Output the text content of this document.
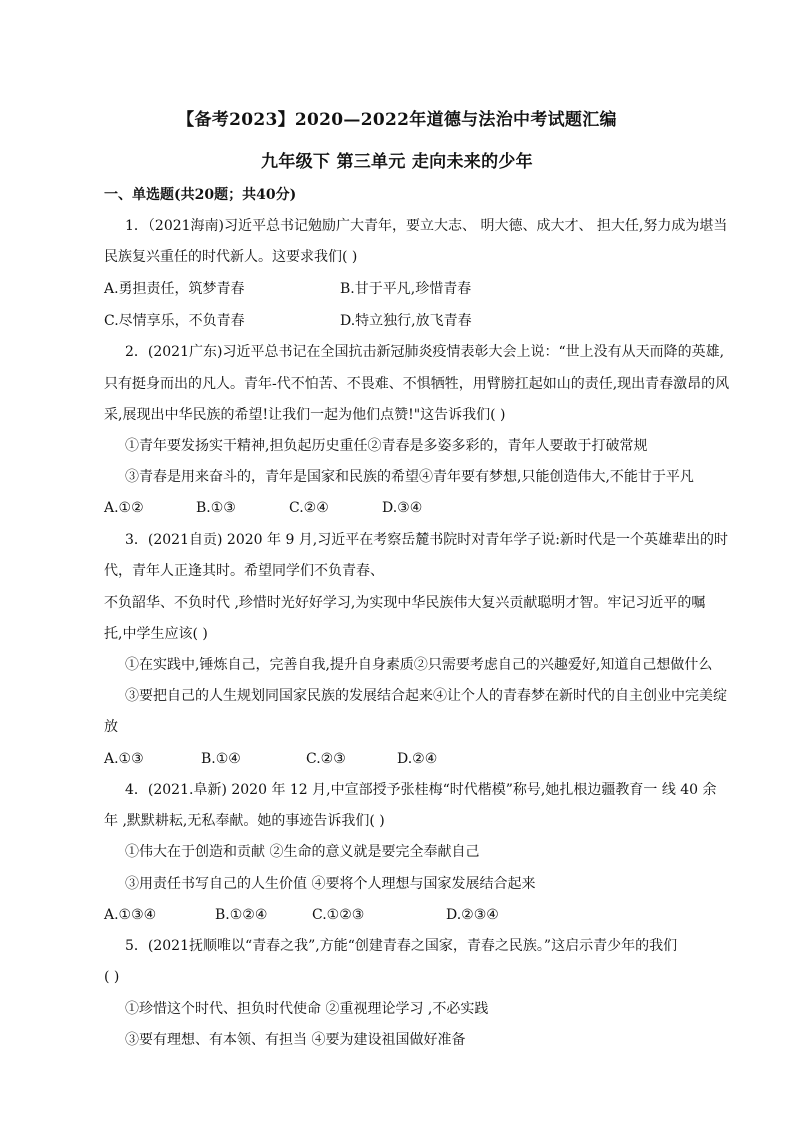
【备考2023】2020—2022年道德与法治中考试题汇编
九年级下 第三单元 走向未来的少年
一、单选题(共20题；共40分)
1．（2021海南)习近平总书记勉励广大青年，要立大志、 明大德、成大才、 担大任,努力成为堪当
民族复兴重任的时代新人。这要求我们( )
A.勇担责任，筑梦青春	B.甘于平凡,珍惜青春
C.尽情享乐，不负青春	D.特立独行,放飞青春
2．(2021广东)习近平总书记在全国抗击新冠肺炎疫情表彰大会上说：“世上没有从天而降的英雄,
只有挺身而出的凡人。青年-代不怕苦、不畏难、不惧牺牲，用臂膀扛起如山的责任,现出青春激昂的风
采,展现出中华民族的希望!让我们一起为他们点赞!"这告诉我们( )
①青年要发扬实干精神,担负起历史重任②青春是多姿多彩的，青年人要敢于打破常规
③青春是用来奋斗的，青年是国家和民族的希望④青年要有梦想,只能创造伟大,不能甘于平凡
A.①②	B.①③	C.②④	D.③④
3．(2021自贡) 2020 年 9 月,习近平在考察岳麓书院时对青年学子说:新时代是一个英雄辈出的时
代，青年人正逢其时。希望同学们不负青春、
不负韶华、不负时代 ,珍惜时光好好学习,为实现中华民族伟大复兴贡献聪明才智。牢记习近平的嘱
托,中学生应该( )
①在实践中,锤炼自己，完善自我,提升自身素质②只需要考虑自己的兴趣爱好,知道自己想做什么
③要把自己的人生规划同国家民族的发展结合起来④让个人的青春梦在新时代的自主创业中完美绽
放
A.①③	B.①④	C.②③	D.②④
4．(2021.阜新) 2020 年 12 月,中宣部授予张桂梅“时代楷模”称号,她扎根边疆教育一 线 40 余
年 ,默默耕耘,无私奉献。她的事迹告诉我们( )
①伟大在于创造和贡献 ②生命的意义就是要完全奉献自己
③用责任书写自己的人生价值 ④要将个人理想与国家发展结合起来
A.①③④	B.①②④	C.①②③	D.②③④
5．(2021抚顺唯以“青春之我”,方能“创建青春之国家，青春之民族。”这启示青少年的我们
( )
①珍惜这个时代、担负时代使命 ②重视理论学习 ,不必实践
③要有理想、有本领、有担当 ④要为建设祖国做好准备
